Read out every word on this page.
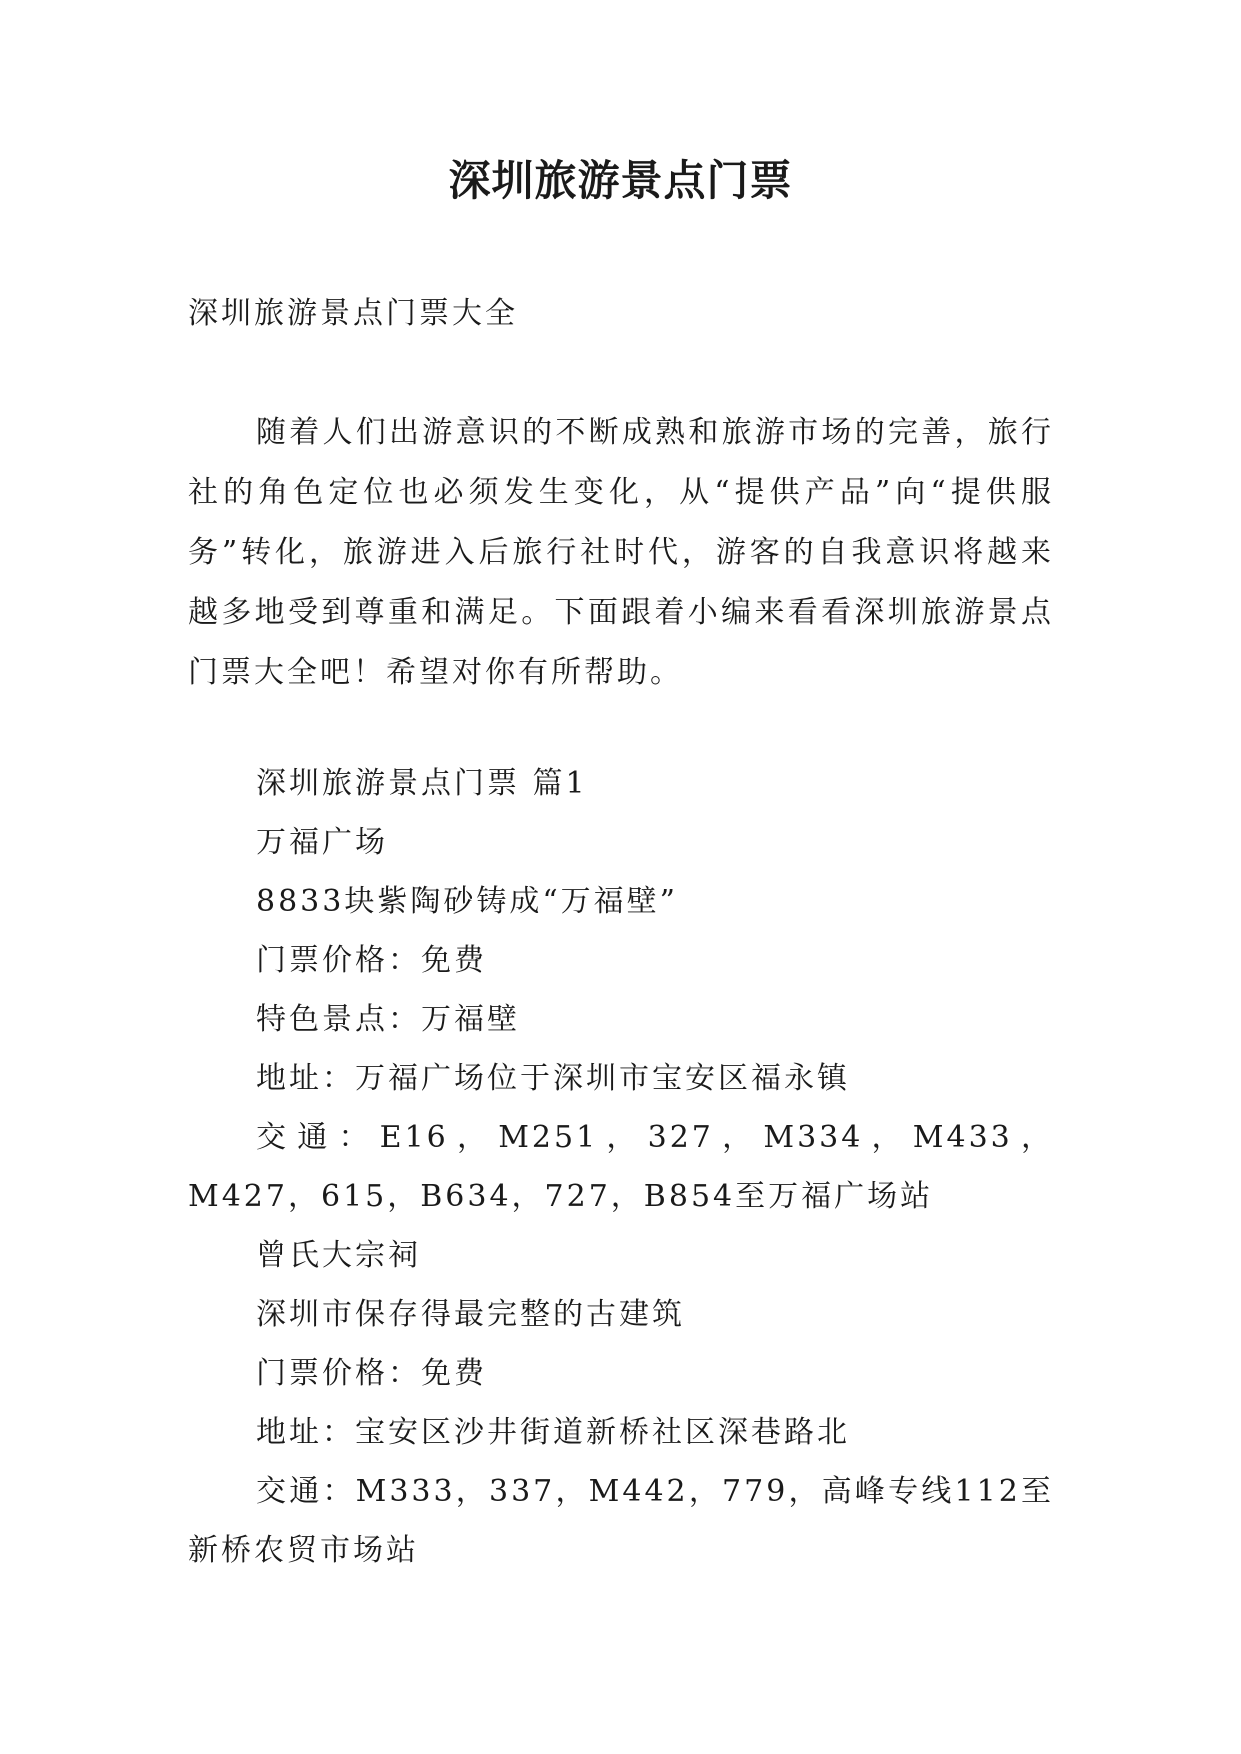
深圳旅游景点门票
深圳旅游景点门票大全

随着人们出游意识的不断成熟和旅游市场的完善，旅行社的角色定位也必须发生变化，从“提供产品”向“提供服务”转化，旅游进入后旅行社时代，游客的自我意识将越来越多地受到尊重和满足。下面跟着小编来看看深圳旅游景点门票大全吧！希望对你有所帮助。

深圳旅游景点门票 篇1
万福广场
8833块紫陶砂铸成“万福壁”
门票价格：免费
特色景点：万福壁
地址：万福广场位于深圳市宝安区福永镇
交通：E16，M251，327，M334，M433，M427，615，B634，727，B854至万福广场站
曾氏大宗祠
深圳市保存得最完整的古建筑
门票价格：免费
地址：宝安区沙井街道新桥社区深巷路北
交通：M333，337，M442，779，高峰专线112至新桥农贸市场站
